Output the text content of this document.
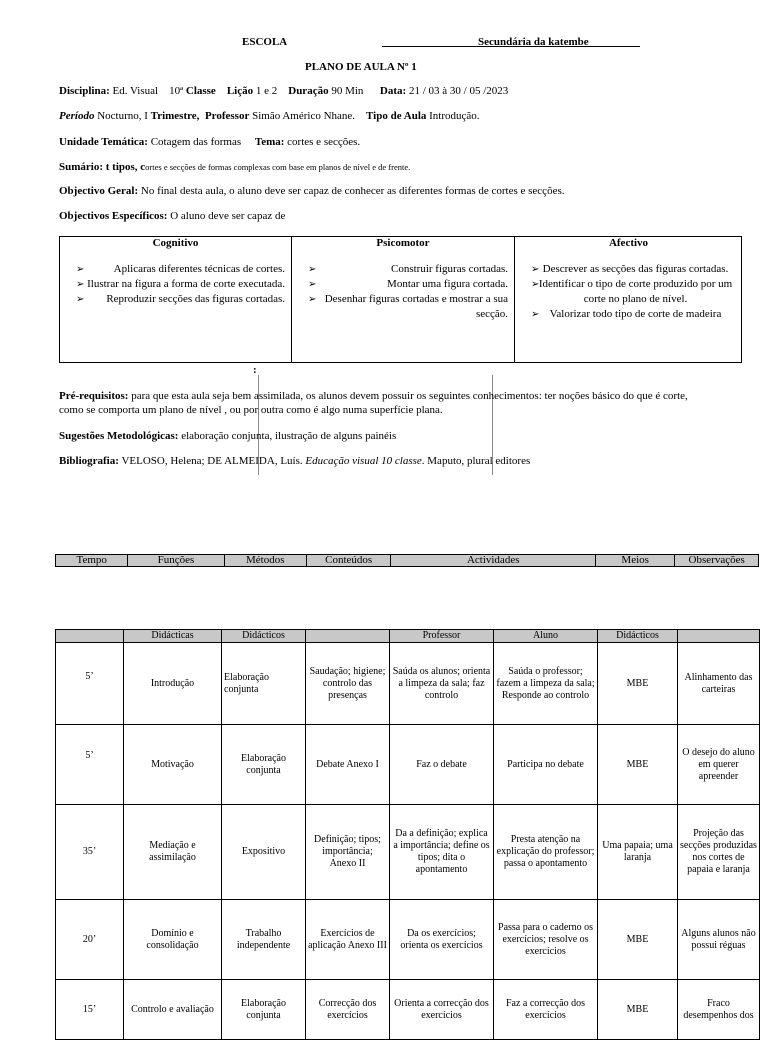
ESCOLA	Secundária da katembe
PLANO DE AULA Nº 1
Disciplina: Ed. Visual 10ª Classe Lição 1 e 2 Duração 90 Min Data: 21 / 03 à 30 / 05 /2023
Período Nocturno, I Trimestre, Professor Simão Américo Nhane. Tipo de Aula Introdução.
Unidade Temática: Cotagem das formas Tema: cortes e secções.
Sumário: t tipos, cortes e secções de formas complexas com base em planos de nível e de frente.
Objectivo Geral: No final desta aula, o aluno deve ser capaz de conhecer as diferentes formas de cortes e secções.
Objectivos Específicos: O aluno deve ser capaz de
Cognitivo
➢ Aplicaras diferentes técnicas de cortes.
➢ Ilustrar na figura a forma de corte executada.
➢ Reproduzir secções das figuras cortadas.
Psicomotor
➢ Construir figuras cortadas.
➢ Montar uma figura cortada.
➢ Desenhar figuras cortadas e mostrar a sua secção.
Afectivo
➢ Descrever as secções das figuras cortadas.
➢ Identificar o tipo de corte produzido por um corte no plano de nível.
➢ Valorizar todo tipo de corte de madeira
:
Pré-requisitos: para que esta aula seja bem assimilada, os alunos devem possuir os seguintes conhecimentos: ter noções básico do que é corte,
como se comporta um plano de nível , ou por outra como é algo numa superfície plana.
Sugestões Metodológicas: elaboração conjunta, ilustração de alguns painéis
Bibliografia: VELOSO, Helena; DE ALMEIDA, Luís. Educação visual 10 classe. Maputo, plural editores
Tempo	Funções	Métodos	Conteúdos	Actividades	Meios	Observações
	Didácticas	Didácticos		Professor	Aluno	Didácticos	
5’	Introdução	Elaboração conjunta	Saudação; higiene; controlo das presenças	Saúda os alunos; orienta a limpeza da sala; faz controlo	Saúda o professor; fazem a limpeza da sala; Responde ao controlo	MBE	Alinhamento das carteiras
5’	Motivação	Elaboração conjunta	Debate Anexo I	Faz o debate	Participa no debate	MBE	O desejo do aluno em querer apreender
35’	Mediação e assimilação	Expositivo	Definição; tipos; importância; Anexo II	Da a definição; explica a importância; define os tipos; dita o apontamento	Presta atenção na explicação do professor; passa o apontamento	Uma papaia; uma laranja	Projeção das secções produzidas nos cortes de papaia e laranja
20’	Domínio e consolidação	Trabalho independente	Exercícios de aplicação Anexo III	Da os exercícios; orienta os exercícios	Passa para o caderno os exercícios; resolve os exercícios	MBE	Alguns alunos não possui réguas
15’	Controlo e avaliação	Elaboração conjunta	Correcção dos exercícios	Orienta a correcção dos exercícios	Faz a correcção dos exercícios	MBE	Fraco desempenhos dos
